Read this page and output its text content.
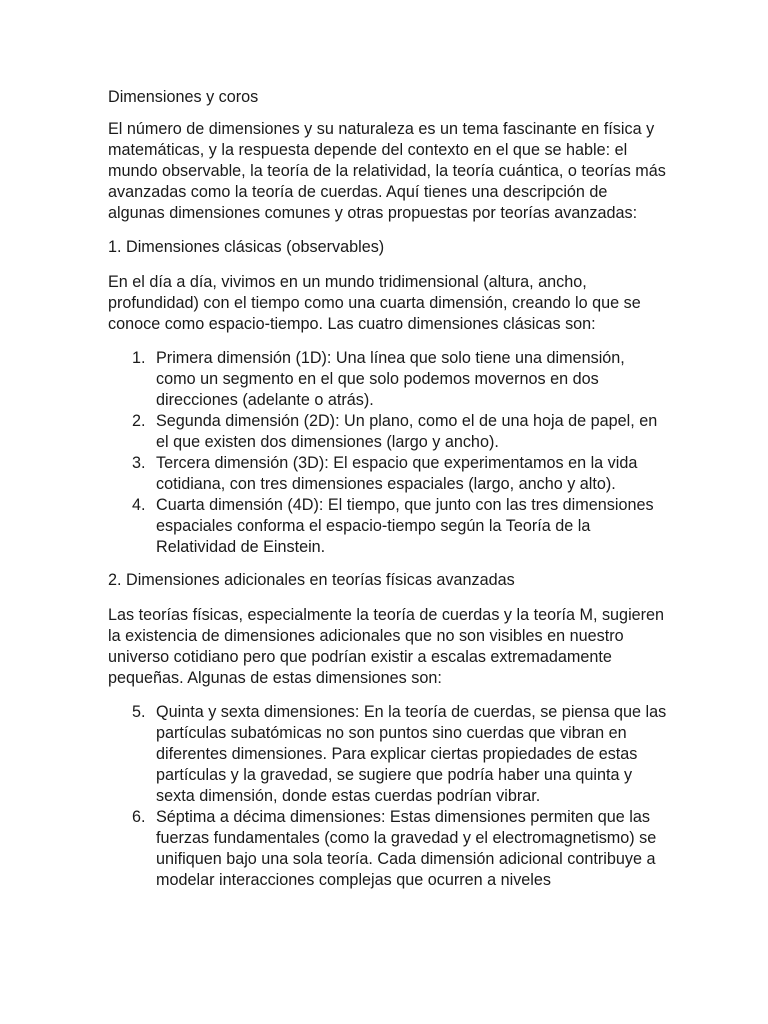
Dimensiones y coros

El número de dimensiones y su naturaleza es un tema fascinante en física y matemáticas, y la respuesta depende del contexto en el que se hable: el mundo observable, la teoría de la relatividad, la teoría cuántica, o teorías más avanzadas como la teoría de cuerdas. Aquí tienes una descripción de algunas dimensiones comunes y otras propuestas por teorías avanzadas:

1. Dimensiones clásicas (observables)

En el día a día, vivimos en un mundo tridimensional (altura, ancho, profundidad) con el tiempo como una cuarta dimensión, creando lo que se conoce como espacio-tiempo. Las cuatro dimensiones clásicas son:

1. Primera dimensión (1D): Una línea que solo tiene una dimensión, como un segmento en el que solo podemos movernos en dos direcciones (adelante o atrás).
2. Segunda dimensión (2D): Un plano, como el de una hoja de papel, en el que existen dos dimensiones (largo y ancho).
3. Tercera dimensión (3D): El espacio que experimentamos en la vida cotidiana, con tres dimensiones espaciales (largo, ancho y alto).
4. Cuarta dimensión (4D): El tiempo, que junto con las tres dimensiones espaciales conforma el espacio-tiempo según la Teoría de la Relatividad de Einstein.

2. Dimensiones adicionales en teorías físicas avanzadas

Las teorías físicas, especialmente la teoría de cuerdas y la teoría M, sugieren la existencia de dimensiones adicionales que no son visibles en nuestro universo cotidiano pero que podrían existir a escalas extremadamente pequeñas. Algunas de estas dimensiones son:

5. Quinta y sexta dimensiones: En la teoría de cuerdas, se piensa que las partículas subatómicas no son puntos sino cuerdas que vibran en diferentes dimensiones. Para explicar ciertas propiedades de estas partículas y la gravedad, se sugiere que podría haber una quinta y sexta dimensión, donde estas cuerdas podrían vibrar.
6. Séptima a décima dimensiones: Estas dimensiones permiten que las fuerzas fundamentales (como la gravedad y el electromagnetismo) se unifiquen bajo una sola teoría. Cada dimensión adicional contribuye a modelar interacciones complejas que ocurren a niveles
